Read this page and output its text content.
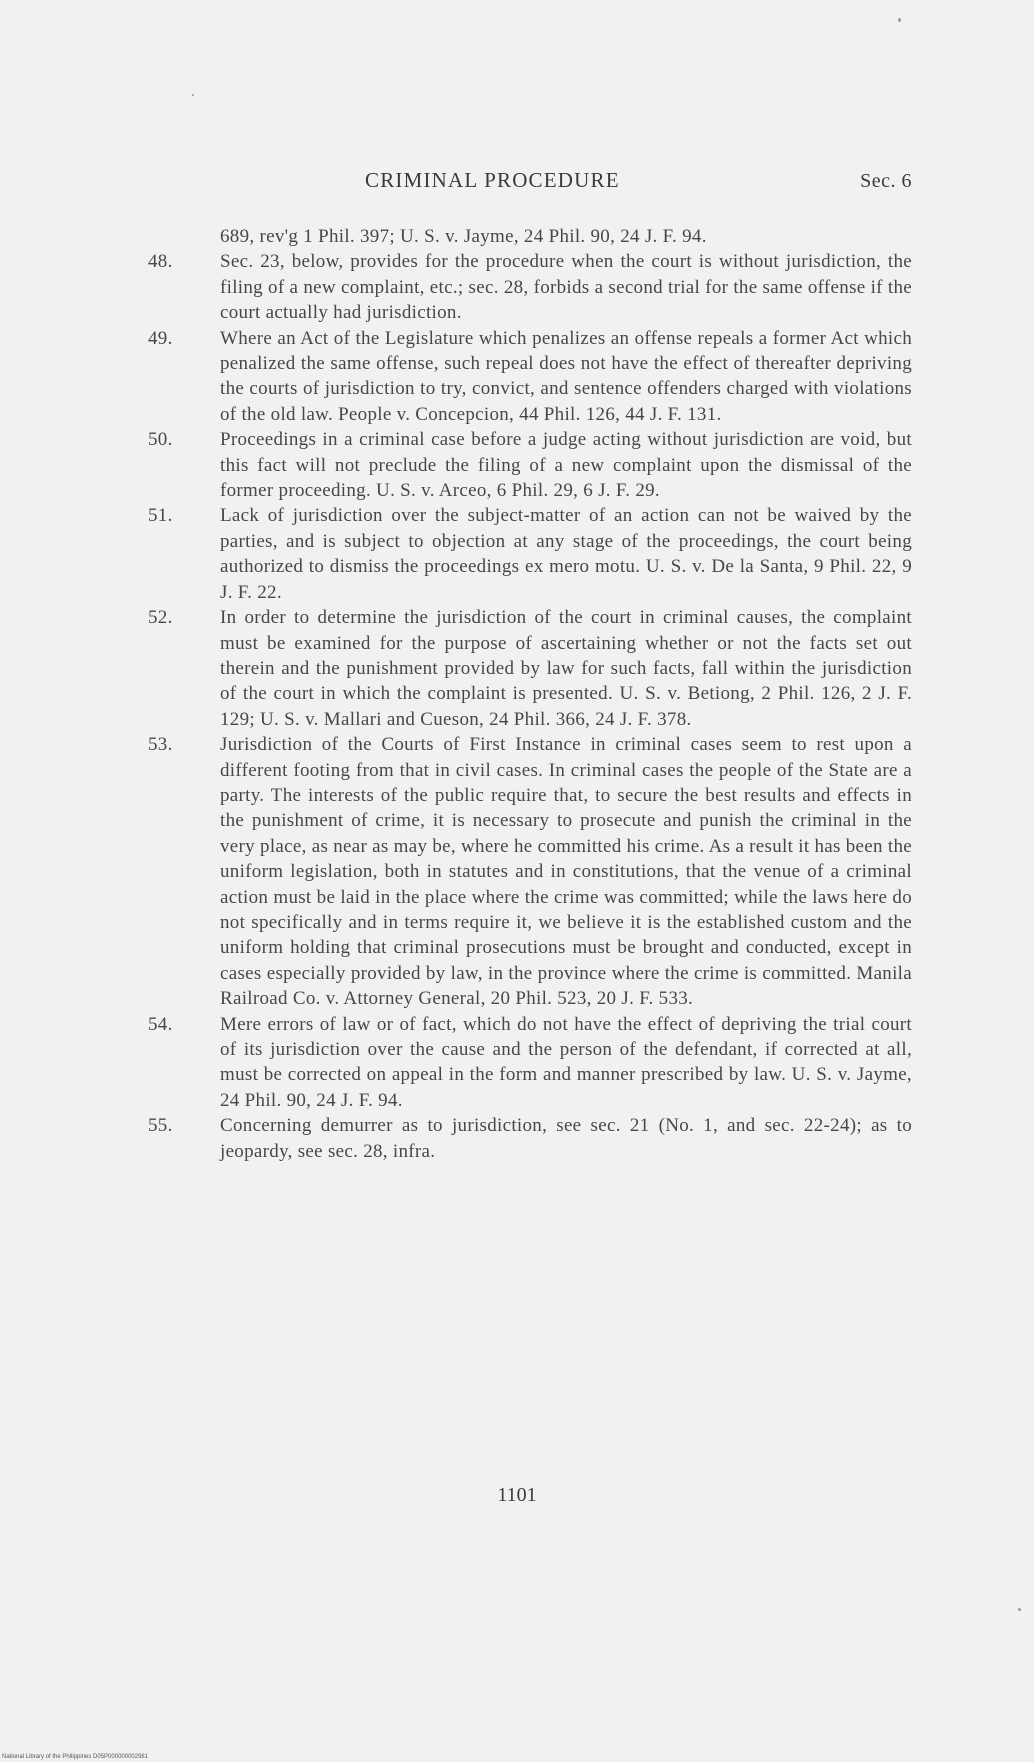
CRIMINAL PROCEDURE	Sec. 6
689, rev'g 1 Phil. 397; U. S. v. Jayme, 24 Phil. 90, 24 J. F. 94.
48. Sec. 23, below, provides for the procedure when the court is without jurisdiction, the filing of a new complaint, etc.; sec. 28, forbids a second trial for the same offense if the court actually had jurisdiction.
49. Where an Act of the Legislature which penalizes an offense repeals a former Act which penalized the same offense, such repeal does not have the effect of thereafter depriving the courts of jurisdiction to try, convict, and sentence offenders charged with violations of the old law. People v. Concepcion, 44 Phil. 126, 44 J. F. 131.
50. Proceedings in a criminal case before a judge acting without jurisdiction are void, but this fact will not preclude the filing of a new complaint upon the dismissal of the former proceeding. U. S. v. Arceo, 6 Phil. 29, 6 J. F. 29.
51. Lack of jurisdiction over the subject-matter of an action can not be waived by the parties, and is subject to objection at any stage of the proceedings, the court being authorized to dismiss the proceedings ex mero motu. U. S. v. De la Santa, 9 Phil. 22, 9 J. F. 22.
52. In order to determine the jurisdiction of the court in criminal causes, the complaint must be examined for the purpose of ascertaining whether or not the facts set out therein and the punishment provided by law for such facts, fall within the jurisdiction of the court in which the complaint is presented. U. S. v. Betiong, 2 Phil. 126, 2 J. F. 129; U. S. v. Mallari and Cueson, 24 Phil. 366, 24 J. F. 378.
53. Jurisdiction of the Courts of First Instance in criminal cases seem to rest upon a different footing from that in civil cases. In criminal cases the people of the State are a party. The interests of the public require that, to secure the best results and effects in the punishment of crime, it is necessary to prosecute and punish the criminal in the very place, as near as may be, where he committed his crime. As a result it has been the uniform legislation, both in statutes and in constitutions, that the venue of a criminal action must be laid in the place where the crime was committed; while the laws here do not specifically and in terms require it, we believe it is the established custom and the uniform holding that criminal prosecutions must be brought and conducted, except in cases especially provided by law, in the province where the crime is committed. Manila Railroad Co. v. Attorney General, 20 Phil. 523, 20 J. F. 533.
54. Mere errors of law or of fact, which do not have the effect of depriving the trial court of its jurisdiction over the cause and the person of the defendant, if corrected at all, must be corrected on appeal in the form and manner prescribed by law. U. S. v. Jayme, 24 Phil. 90, 24 J. F. 94.
55. Concerning demurrer as to jurisdiction, see sec. 21 (No. 1, and sec. 22-24); as to jeopardy, see sec. 28, infra.
1101
National Library of the Philippines D05P000000002981
